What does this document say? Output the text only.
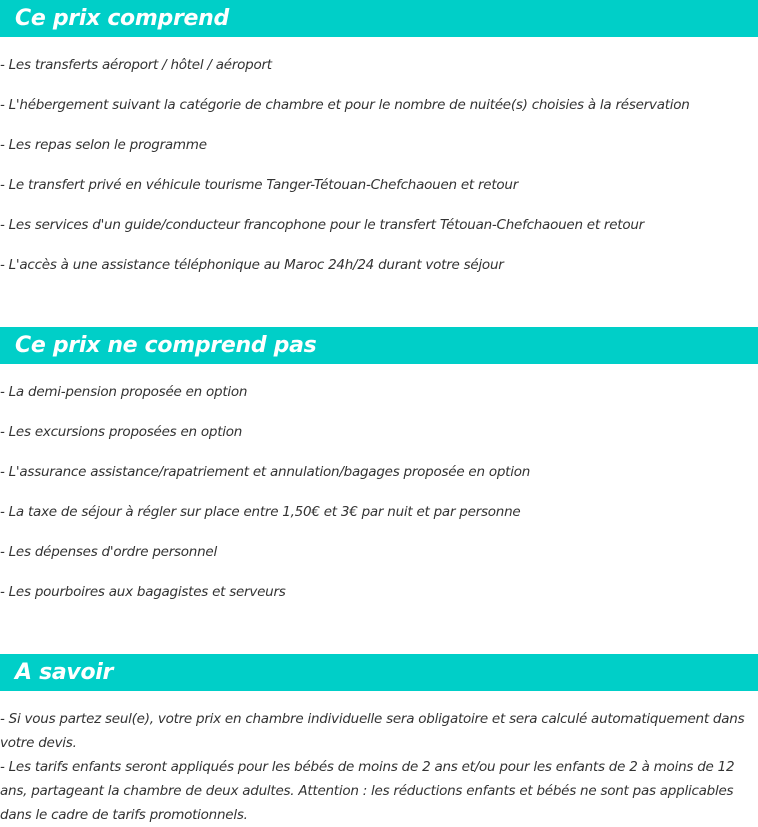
Ce prix comprend
- Les transferts aéroport / hôtel / aéroport
- L'hébergement suivant la catégorie de chambre et pour le nombre de nuitée(s) choisies à la réservation
- Les repas selon le programme
- Le transfert privé en véhicule tourisme Tanger-Tétouan-Chefchaouen et retour
- Les services d'un guide/conducteur francophone pour le transfert Tétouan-Chefchaouen et retour
- L'accès à une assistance téléphonique au Maroc 24h/24 durant votre séjour
Ce prix ne comprend pas
- La demi-pension proposée en option
- Les excursions proposées en option
- L'assurance assistance/rapatriement et annulation/bagages proposée en option
- La taxe de séjour à régler sur place entre 1,50€ et 3€ par nuit et par personne
- Les dépenses d'ordre personnel
- Les pourboires aux bagagistes et serveurs
A savoir

- Si vous partez seul(e), votre prix en chambre individuelle sera obligatoire et sera calculé automatiquement dans votre devis.

- Les tarifs enfants seront appliqués pour les bébés de moins de 2 ans et/ou pour les enfants de 2 à moins de 12 ans, partageant la chambre de deux adultes. Attention : les réductions enfants et bébés ne sont pas applicables dans le cadre de tarifs promotionnels.
